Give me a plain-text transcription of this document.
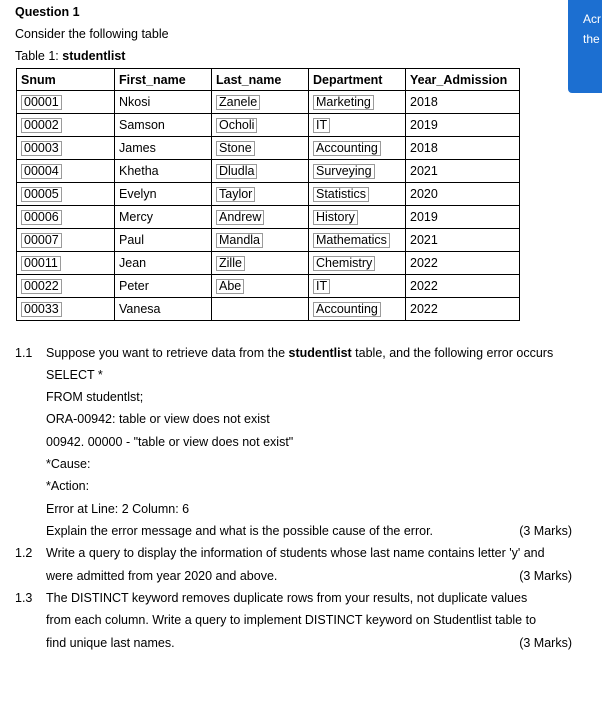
Question 1
Consider the following table
Table 1: studentlist
Acr
the
Snum	First_name	Last_name	Department	Year_Admission
00001	Nkosi	Zanele	Marketing	2018
00002	Samson	Ocholi	IT	2019
00003	James	Stone	Accounting	2018
00004	Khetha	Dludla	Surveying	2021
00005	Evelyn	Taylor	Statistics	2020
00006	Mercy	Andrew	History	2019
00007	Paul	Mandla	Mathematics	2021
00011	Jean	Zille	Chemistry	2022
00022	Peter	Abe	IT	2022
00033	Vanesa		Accounting	2022
1.1 Suppose you want to retrieve data from the studentlist table, and the following error occurs
SELECT *
FROM studentlst;
ORA-00942: table or view does not exist
00942. 00000 - "table or view does not exist"
*Cause:
*Action:
Error at Line: 2 Column: 6
Explain the error message and what is the possible cause of the error.	(3 Marks)
1.2 Write a query to display the information of students whose last name contains letter 'y' and
were admitted from year 2020 and above.	(3 Marks)
1.3 The DISTINCT keyword removes duplicate rows from your results, not duplicate values
from each column. Write a query to implement DISTINCT keyword on Studentlist table to
find unique last names.	(3 Marks)
